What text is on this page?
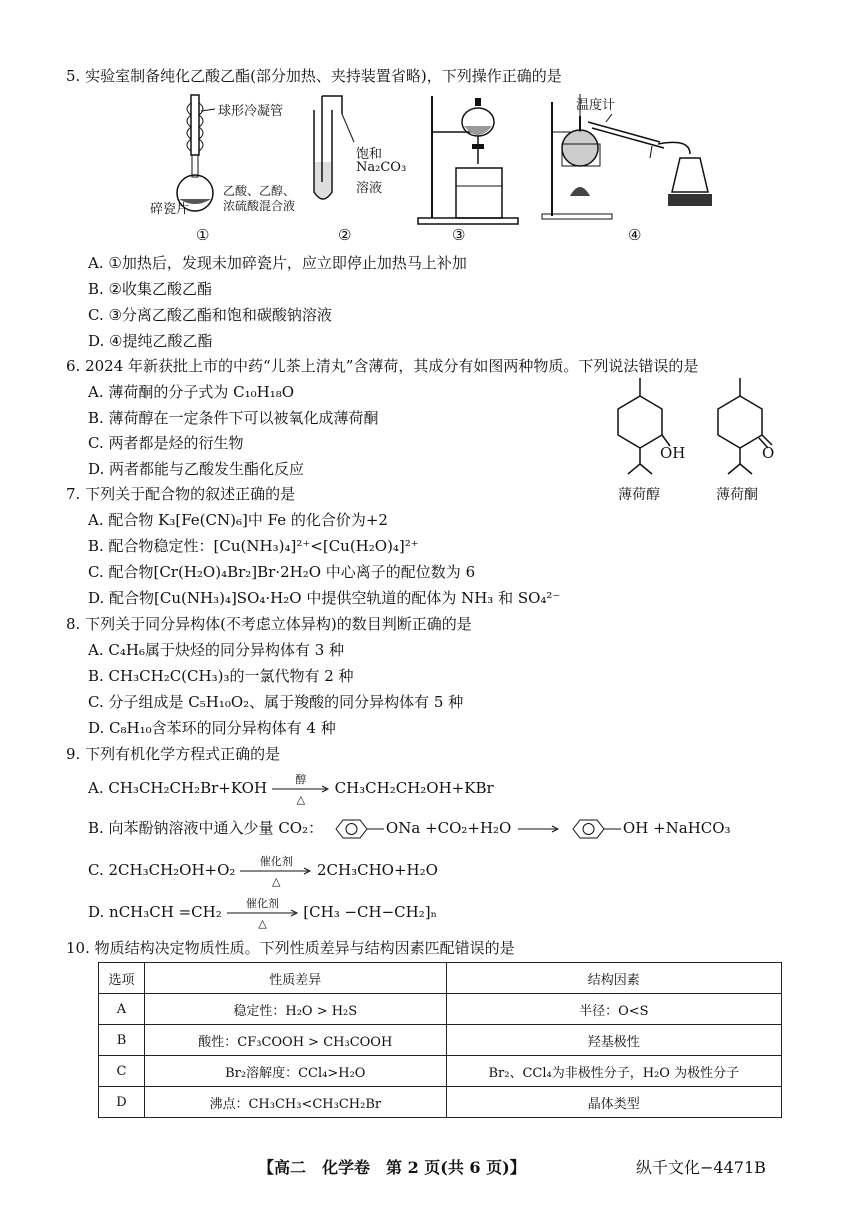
5. 实验室制备纯化乙酸乙酯(部分加热、夹持装置省略)，下列操作正确的是
球形冷凝管
碎瓷片
乙酸、乙醇、
浓硫酸混合液
①
饱和
Na₂CO₃
溶液
②	③
温度计
④
A. ①加热后，发现未加碎瓷片，应立即停止加热马上补加
B. ②收集乙酸乙酯
C. ③分离乙酸乙酯和饱和碳酸钠溶液
D. ④提纯乙酸乙酯
6. 2024 年新获批上市的中药“儿茶上清丸”含薄荷，其成分有如图两种物质。下列说法错误的是
A. 薄荷酮的分子式为 C₁₀H₁₈O
B. 薄荷醇在一定条件下可以被氧化成薄荷酮
C. 两者都是烃的衍生物
D. 两者都能与乙酸发生酯化反应
OH
薄荷醇
O
薄荷酮
7. 下列关于配合物的叙述正确的是
A. 配合物 K₃[Fe(CN)₆]中 Fe 的化合价为+2
B. 配合物稳定性：[Cu(NH₃)₄]²⁺<[Cu(H₂O)₄]²⁺
C. 配合物[Cr(H₂O)₄Br₂]Br·2H₂O 中心离子的配位数为 6
D. 配合物[Cu(NH₃)₄]SO₄·H₂O 中提供空轨道的配体为 NH₃ 和 SO₄²⁻
8. 下列关于同分异构体(不考虑立体异构)的数目判断正确的是
A. C₄H₆属于炔烃的同分异构体有 3 种
B. CH₃CH₂C(CH₃)₃的一氯代物有 2 种
C. 分子组成是 C₅H₁₀O₂、属于羧酸的同分异构体有 5 种
D. C₈H₁₀含苯环的同分异构体有 4 种
9. 下列有机化学方程式正确的是
A. CH₃CH₂CH₂Br+KOH	醇
△
CH₃CH₂CH₂OH+KBr
B. 向苯酚钠溶液中通入少量 CO₂：	ONa +CO₂+H₂O →	OH +NaHCO₃
C. 2CH₃CH₂OH+O₂	催化剂
△
2CH₃CHO+H₂O
D. nCH₃CH =CH₂	催化剂
△
[CH₃ −CH−CH₂]ₙ
10. 物质结构决定物质性质。下列性质差异与结构因素匹配错误的是
选项	性质差异	结构因素
A	稳定性：H₂O > H₂S	半径：O<S
B	酸性：CF₃COOH > CH₃COOH	羟基极性
C	Br₂溶解度：CCl₄>H₂O	Br₂、CCl₄为非极性分子，H₂O 为极性分子
D	沸点：CH₃CH₃<CH₃CH₂Br	晶体类型
【高二　化学卷　第 2 页(共 6 页)】	纵千文化−4471B
